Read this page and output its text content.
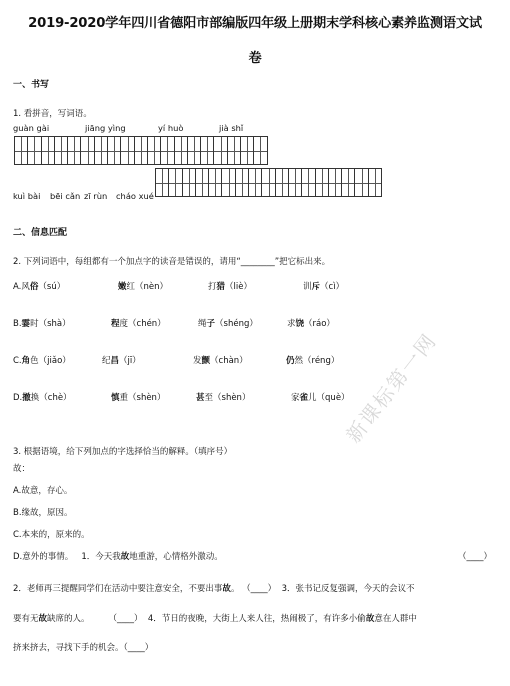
2019-2020学年四川省德阳市部编版四年级上册期末学科核心素养监测语文试
卷
一、书写
1. 看拼音，写词语。
guàn gài	jiāng yìng	yí huò	jià shǐ
kuì bài bēi cǎn zī rùn cháo xué
二、信息匹配
2. 下列词语中，每组都有一个加点字的读音是错误的，请用“________”把它标出来。
A.风俗（sú）	嫩红（nèn）	打猎（liè）	训斥（cì）
B.霎时（shà）	程度（chén）	绳子（shéng）	求饶（ráo）
C.角色（jiǎo）	纪昌（jī）	发颤（chàn）	仍然（réng）
D.撤换（chè）	慎重（shèn）	甚至（shèn）	家雀儿（què）
3. 根据语境，给下列加点的字选择恰当的解释。（填序号）
故：
A.故意，存心。
B.缘故，原因。
C.本来的，原来的。
D.意外的事情。 1．今天我故地重游，心情格外激动。	（____）
2．老师再三提醒同学们在活动中要注意安全，不要出事故。 （____） 3．张书记反复强调，今天的会议不
要有无故缺席的人。 （____） 4．节日的夜晚，大街上人来人往，热闹极了，有许多小偷故意在人群中
挤来挤去，寻找下手的机会。（____）
新课标第一网
